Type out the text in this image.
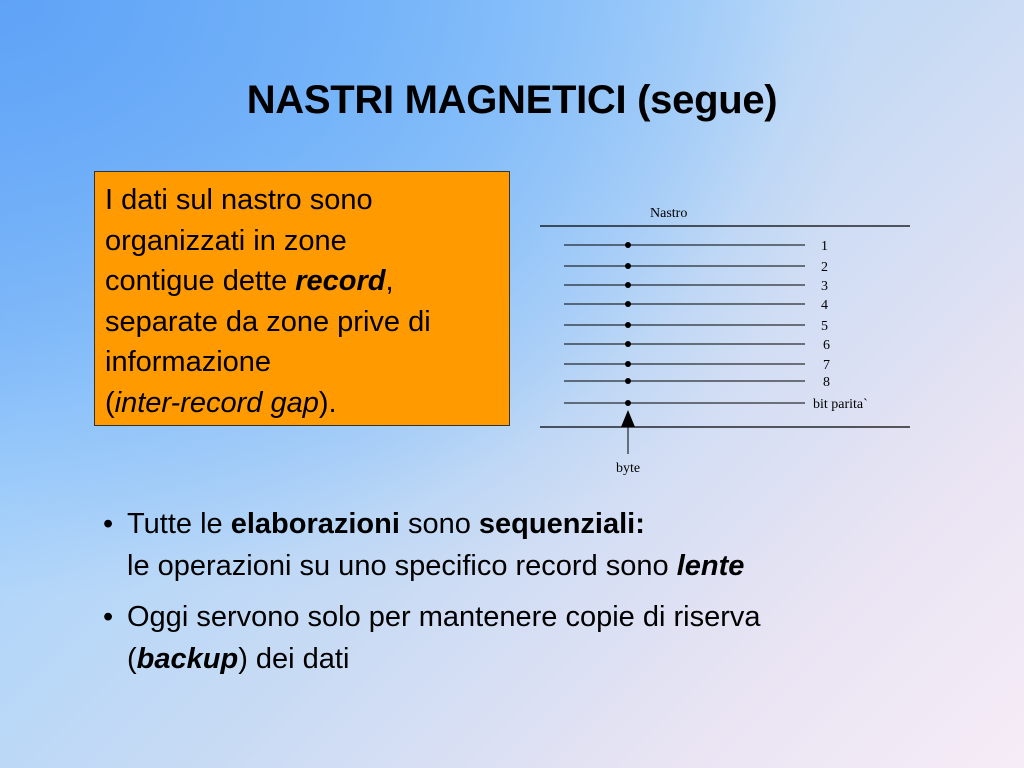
NASTRI MAGNETICI (segue)
I dati sul nastro sono
organizzati in zone
contigue dette record,
separate da zone prive di
informazione
(inter-record gap).
Nastro
1
2
3
4
5
6
7
8
bit parita`
byte
• Tutte le elaborazioni sono sequenziali:
le operazioni su uno specifico record sono lente
• Oggi servono solo per mantenere copie di riserva
(backup) dei dati
